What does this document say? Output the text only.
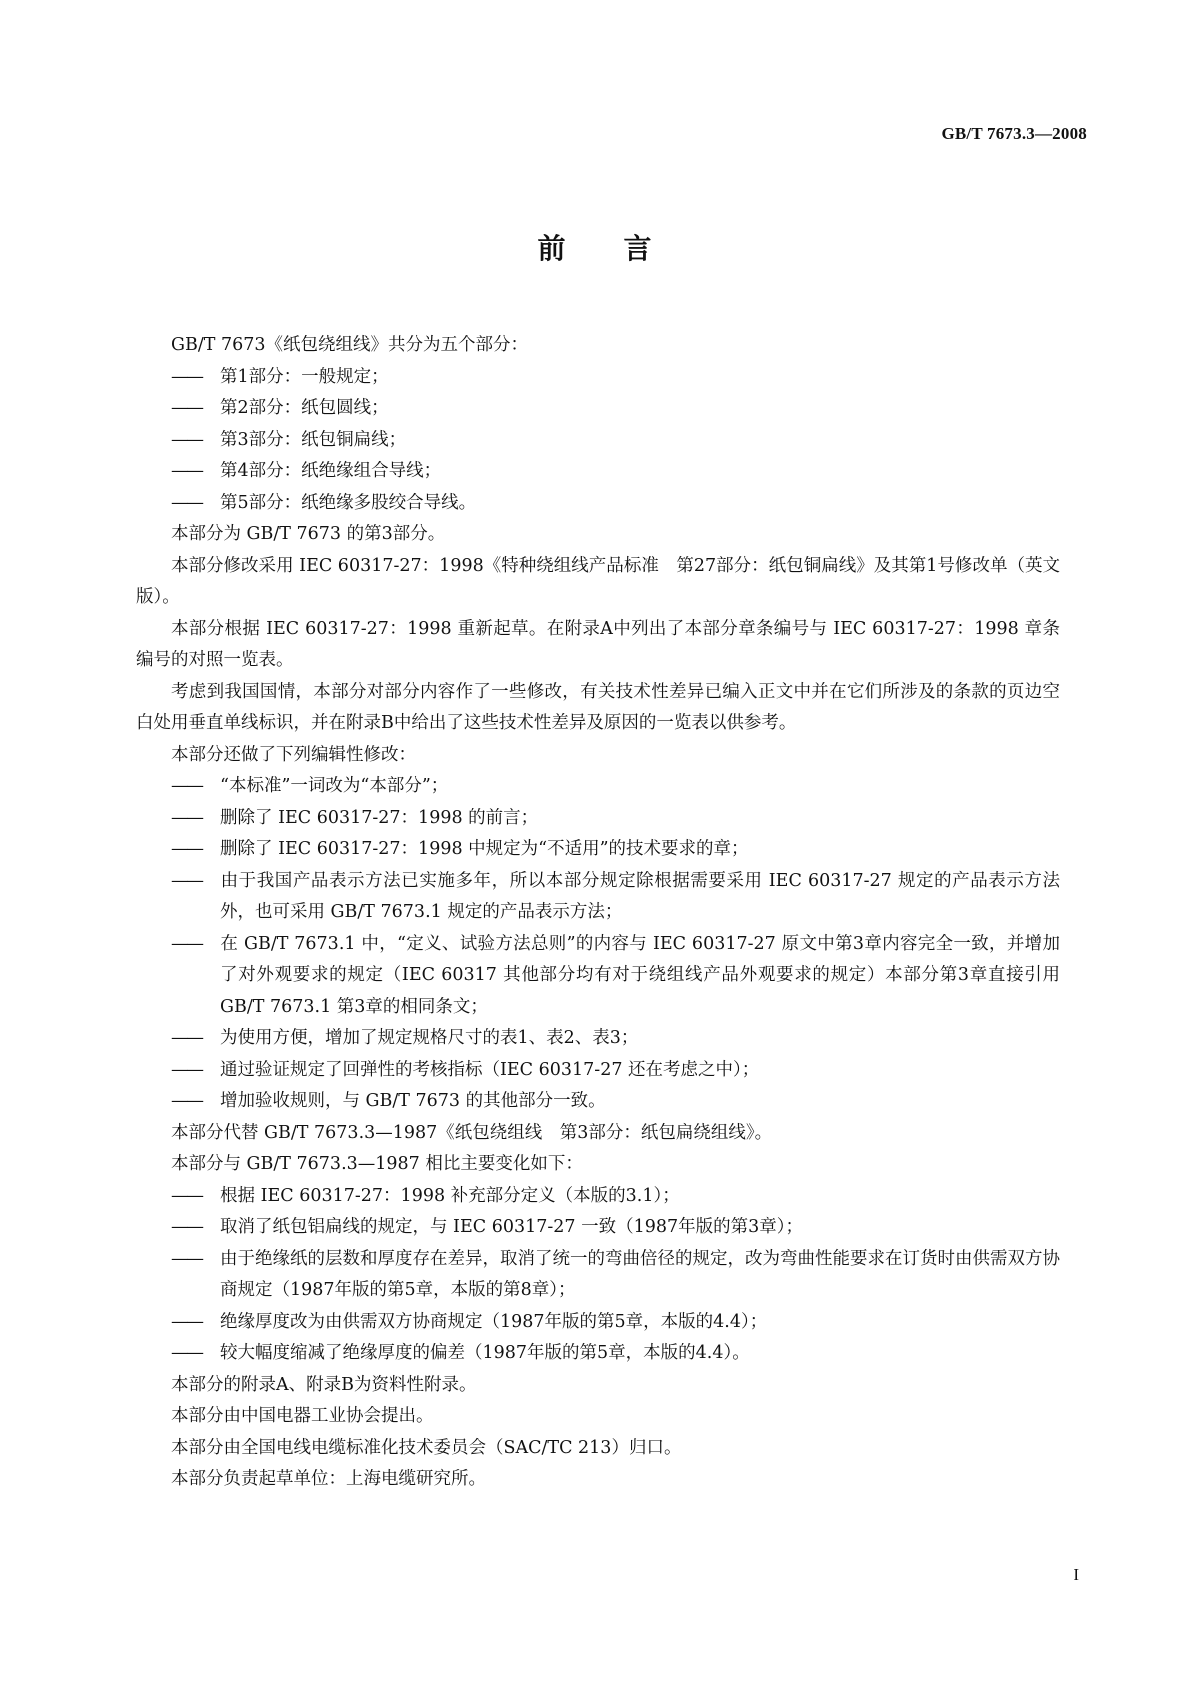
GB/T 7673.3—2008
前 言

GB/T 7673《纸包绕组线》共分为五个部分：

—— 第1部分：一般规定；

—— 第2部分：纸包圆线；

—— 第3部分：纸包铜扁线；

—— 第4部分：纸绝缘组合导线；

—— 第5部分：纸绝缘多股绞合导线。

本部分为 GB/T 7673 的第3部分。

本部分修改采用 IEC 60317-27：1998《特种绕组线产品标准　第27部分：纸包铜扁线》及其第1号修改单（英文版）。

本部分根据 IEC 60317-27：1998 重新起草。在附录A中列出了本部分章条编号与 IEC 60317-27：1998 章条编号的对照一览表。

考虑到我国国情，本部分对部分内容作了一些修改，有关技术性差异已编入正文中并在它们所涉及的条款的页边空白处用垂直单线标识，并在附录B中给出了这些技术性差异及原因的一览表以供参考。

本部分还做了下列编辑性修改：

—— “本标准”一词改为“本部分”；

—— 删除了 IEC 60317-27：1998 的前言；

—— 删除了 IEC 60317-27：1998 中规定为“不适用”的技术要求的章；

—— 由于我国产品表示方法已实施多年，所以本部分规定除根据需要采用 IEC 60317-27 规定的产品表示方法外，也可采用 GB/T 7673.1 规定的产品表示方法；

—— 在 GB/T 7673.1 中，“定义、试验方法总则”的内容与 IEC 60317-27 原文中第3章内容完全一致，并增加了对外观要求的规定（IEC 60317 其他部分均有对于绕组线产品外观要求的规定）本部分第3章直接引用 GB/T 7673.1 第3章的相同条文；

—— 为使用方便，增加了规定规格尺寸的表1、表2、表3；

—— 通过验证规定了回弹性的考核指标（IEC 60317-27 还在考虑之中）；

—— 增加验收规则，与 GB/T 7673 的其他部分一致。

本部分代替 GB/T 7673.3—1987《纸包绕组线　第3部分：纸包扁绕组线》。

本部分与 GB/T 7673.3—1987 相比主要变化如下：

—— 根据 IEC 60317-27：1998 补充部分定义（本版的3.1）；

—— 取消了纸包铝扁线的规定，与 IEC 60317-27 一致（1987年版的第3章）；

—— 由于绝缘纸的层数和厚度存在差异，取消了统一的弯曲倍径的规定，改为弯曲性能要求在订货时由供需双方协商规定（1987年版的第5章，本版的第8章）；

—— 绝缘厚度改为由供需双方协商规定（1987年版的第5章，本版的4.4）；

—— 较大幅度缩减了绝缘厚度的偏差（1987年版的第5章，本版的4.4）。

本部分的附录A、附录B为资料性附录。

本部分由中国电器工业协会提出。

本部分由全国电线电缆标准化技术委员会（SAC/TC 213）归口。

本部分负责起草单位：上海电缆研究所。

I
